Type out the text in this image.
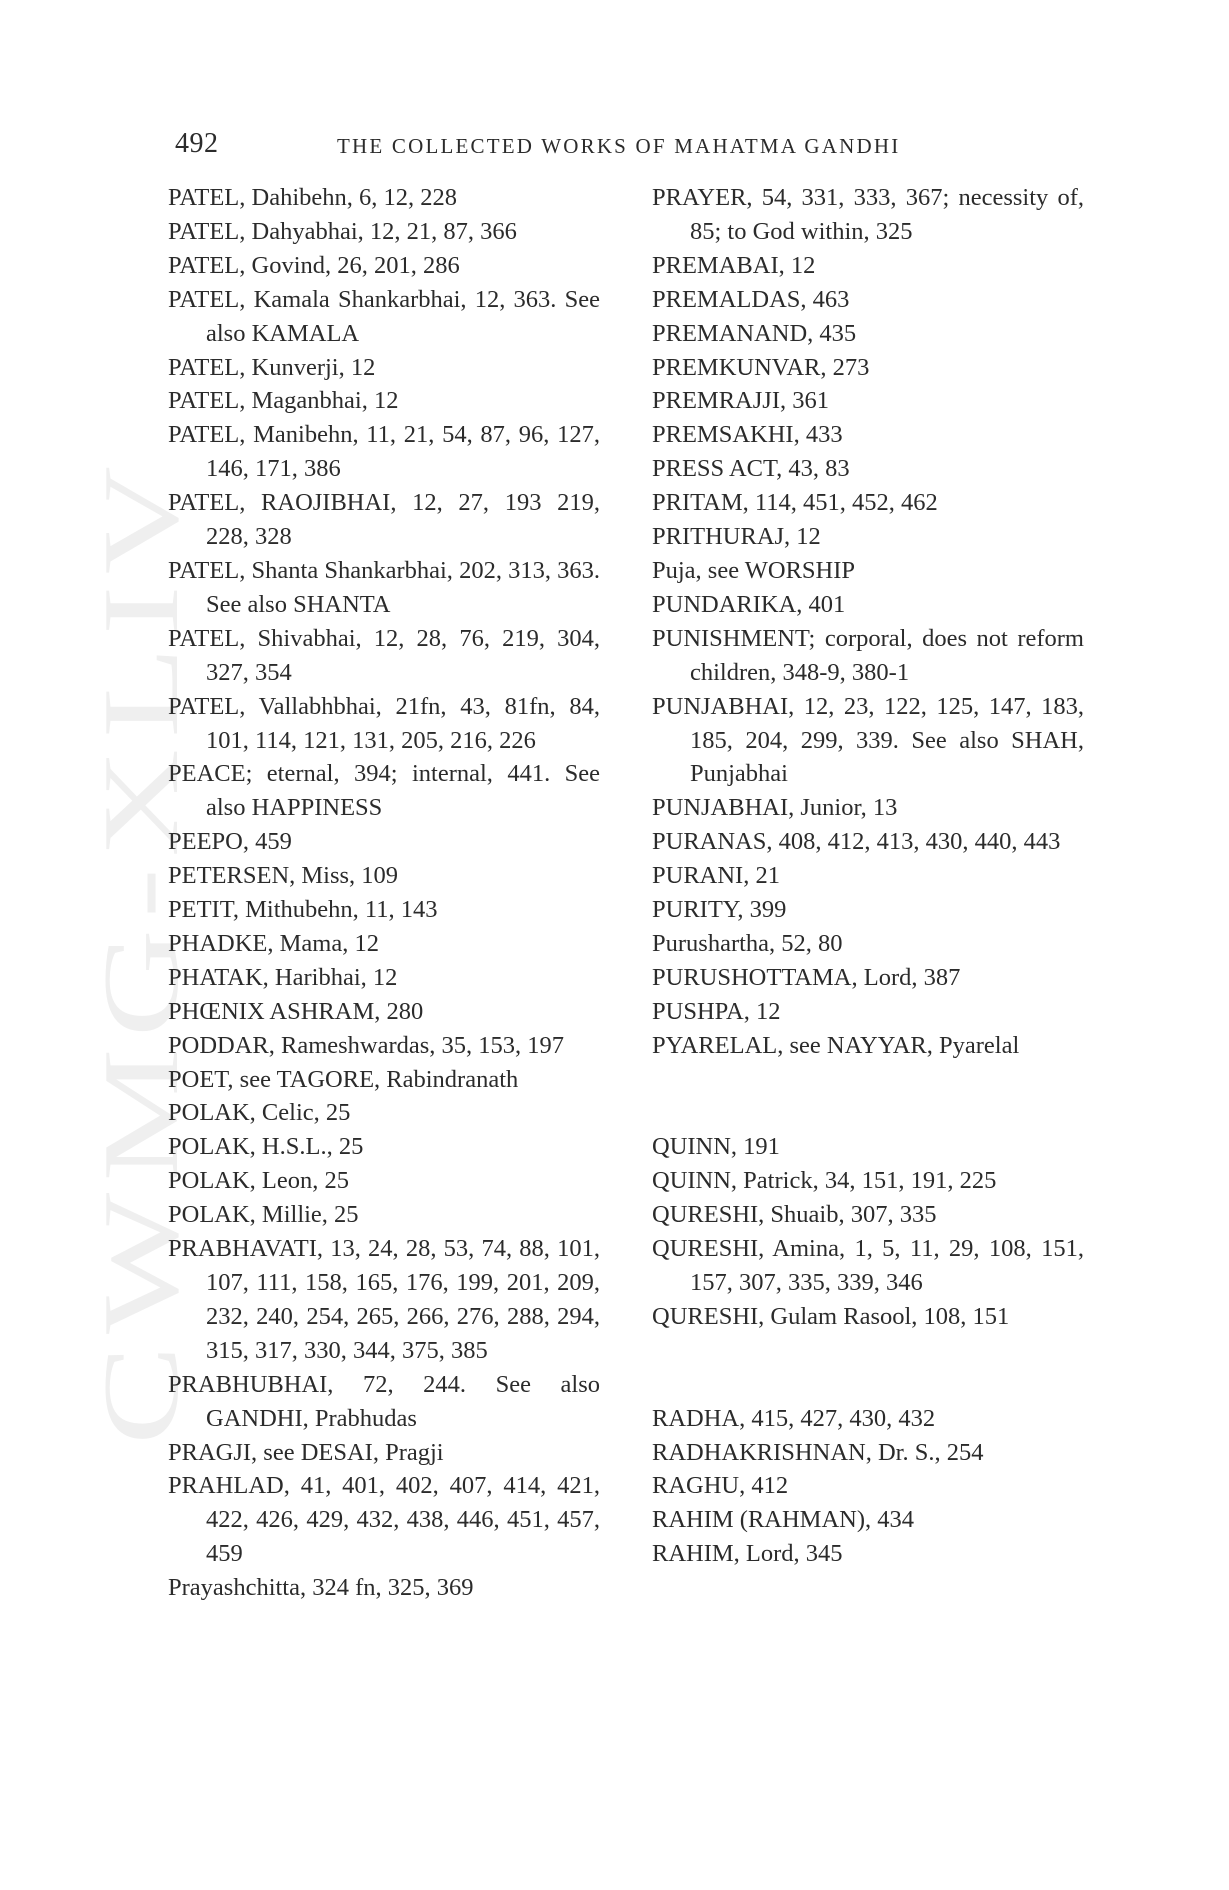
CWMG-XLIV
492	THE COLLECTED WORKS OF MAHATMA GANDHI
PATEL, Dahibehn, 6, 12, 228
PATEL, Dahyabhai, 12, 21, 87, 366
PATEL, Govind, 26, 201, 286
PATEL, Kamala Shankarbhai, 12, 363. See also KAMALA
PATEL, Kunverji, 12
PATEL, Maganbhai, 12
PATEL, Manibehn, 11, 21, 54, 87, 96, 127, 146, 171, 386
PATEL, RAOJIBHAI, 12, 27, 193 219, 228, 328
PATEL, Shanta Shankarbhai, 202, 313, 363. See also SHANTA
PATEL, Shivabhai, 12, 28, 76, 219, 304, 327, 354
PATEL, Vallabhbhai, 21fn, 43, 81fn, 84, 101, 114, 121, 131, 205, 216, 226
PEACE; eternal, 394; internal, 441. See also HAPPINESS
PEEPO, 459
PETERSEN, Miss, 109
PETIT, Mithubehn, 11, 143
PHADKE, Mama, 12
PHATAK, Haribhai, 12
PHŒNIX ASHRAM, 280
PODDAR, Rameshwardas, 35, 153, 197
POET, see TAGORE, Rabindranath
POLAK, Celic, 25
POLAK, H.S.L., 25
POLAK, Leon, 25
POLAK, Millie, 25
PRABHAVATI, 13, 24, 28, 53, 74, 88, 101, 107, 111, 158, 165, 176, 199, 201, 209, 232, 240, 254, 265, 266, 276, 288, 294, 315, 317, 330, 344, 375, 385
PRABHUBHAI, 72, 244. See also GANDHI, Prabhudas
PRAGJI, see DESAI, Pragji
PRAHLAD, 41, 401, 402, 407, 414, 421, 422, 426, 429, 432, 438, 446, 451, 457, 459
Prayashchitta, 324 fn, 325, 369
PRAYER, 54, 331, 333, 367; necessity of, 85; to God within, 325
PREMABAI, 12
PREMALDAS, 463
PREMANAND, 435
PREMKUNVAR, 273
PREMRAJJI, 361
PREMSAKHI, 433
PRESS ACT, 43, 83
PRITAM, 114, 451, 452, 462
PRITHURAJ, 12
Puja, see WORSHIP
PUNDARIKA, 401
PUNISHMENT; corporal, does not reform children, 348-9, 380-1
PUNJABHAI, 12, 23, 122, 125, 147, 183, 185, 204, 299, 339. See also SHAH, Punjabhai
PUNJABHAI, Junior, 13
PURANAS, 408, 412, 413, 430, 440, 443
PURANI, 21
PURITY, 399
Purushartha, 52, 80
PURUSHOTTAMA, Lord, 387
PUSHPA, 12
PYARELAL, see NAYYAR, Pyarelal
QUINN, 191
QUINN, Patrick, 34, 151, 191, 225
QURESHI, Shuaib, 307, 335
QURESHI, Amina, 1, 5, 11, 29, 108, 151, 157, 307, 335, 339, 346
QURESHI, Gulam Rasool, 108, 151
RADHA, 415, 427, 430, 432
RADHAKRISHNAN, Dr. S., 254
RAGHU, 412
RAHIM (RAHMAN), 434
RAHIM, Lord, 345
